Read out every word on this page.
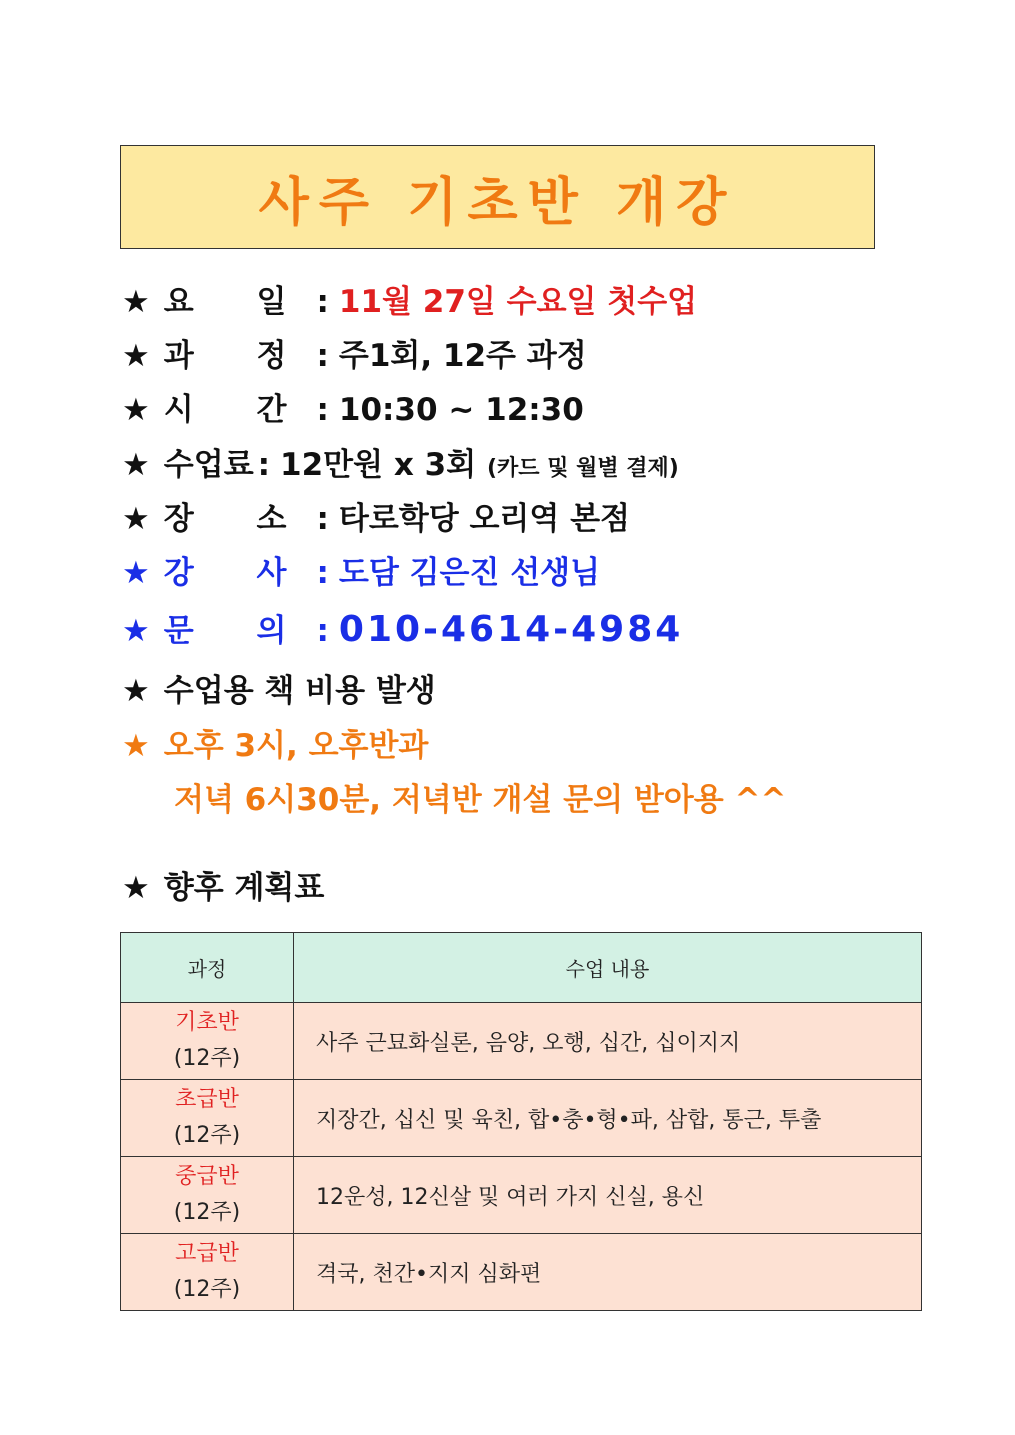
사주 기초반 개강
★ 요 일 : 11월 27일 수요일 첫수업
★ 과 정 : 주1회, 12주 과정
★ 시 간 : 10:30 ~ 12:30
★ 수업료 : 12만원 x 3회 (카드 및 월별 결제)
★ 장 소 : 타로학당 오리역 본점
★ 강 사 : 도담 김은진 선생님
★ 문 의 : 010-4614-4984
★ 수업용 책 비용 발생
★ 오후 3시, 오후반과
저녁 6시30분, 저녁반 개설 문의 받아용 ^^
★ 향후 계획표
과정	수업 내용

기초반
(12주)	사주 근묘화실론, 음양, 오행, 십간, 십이지지

초급반
(12주)	지장간, 십신 및 육친, 합•충•형•파, 삼합, 통근, 투출

중급반
(12주)	12운성, 12신살 및 여러 가지 신실, 용신

고급반
(12주)	격국, 천간•지지 심화편
